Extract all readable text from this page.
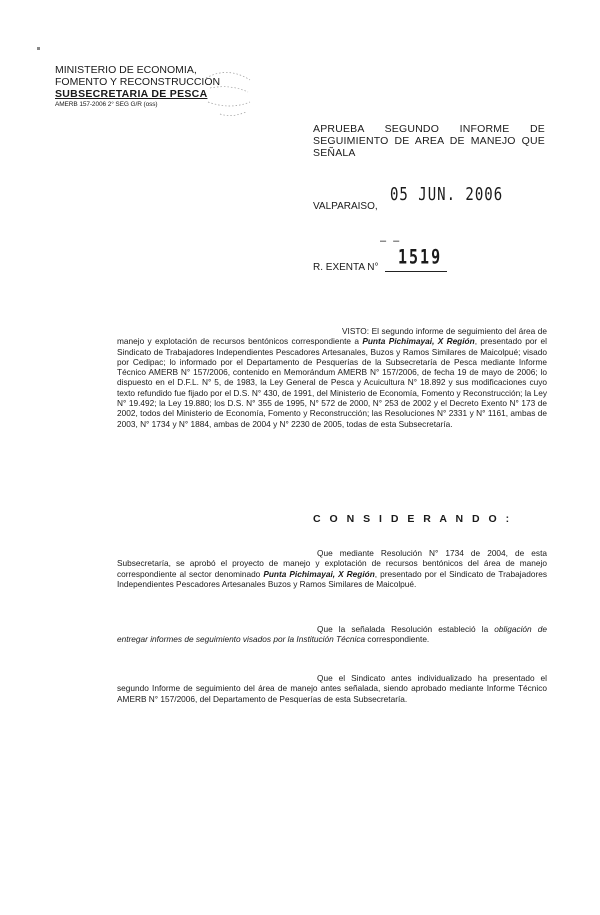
MINISTERIO DE ECONOMIA,
FOMENTO Y RECONSTRUCCION
SUBSECRETARIA DE PESCA
AMERB 157-2006 2° SEG G/R (oss)
APRUEBA SEGUNDO INFORME DE SEGUIMIENTO DE AREA DE MANEJO QUE SEÑALA
VALPARAISO,
05 JUN. 2006
– –
R. EXENTA N° 1519
VISTO: El segundo informe de seguimiento del área de manejo y explotación de recursos bentónicos correspondiente a Punta Pichimayai, X Región, presentado por el Sindicato de Trabajadores Independientes Pescadores Artesanales, Buzos y Ramos Similares de Maicolpué; visado por Cedipac; lo informado por el Departamento de Pesquerías de la Subsecretaría de Pesca mediante Informe Técnico AMERB N° 157/2006, contenido en Memorándum AMERB N° 157/2006, de fecha 19 de mayo de 2006; lo dispuesto en el D.F.L. N° 5, de 1983, la Ley General de Pesca y Acuicultura N° 18.892 y sus modificaciones cuyo texto refundido fue fijado por el D.S. N° 430, de 1991, del Ministerio de Economía, Fomento y Reconstrucción; la Ley N° 19.492; la Ley 19.880; los D.S. N° 355 de 1995, N° 572 de 2000, N° 253 de 2002 y el Decreto Exento N° 173 de 2002, todos del Ministerio de Economía, Fomento y Reconstrucción; las Resoluciones N° 2331 y N° 1161, ambas de 2003, N° 1734 y N° 1884, ambas de 2004 y N° 2230 de 2005, todas de esta Subsecretaría.
C O N S I D E R A N D O :
Que mediante Resolución N° 1734 de 2004, de esta Subsecretaría, se aprobó el proyecto de manejo y explotación de recursos bentónicos del área de manejo correspondiente al sector denominado Punta Pichimayai, X Región, presentado por el Sindicato de Trabajadores Independientes Pescadores Artesanales Buzos y Ramos Similares de Maicolpué.
Que la señalada Resolución estableció la obligación de entregar informes de seguimiento visados por la Institución Técnica correspondiente.
Que el Sindicato antes individualizado ha presentado el segundo Informe de seguimiento del área de manejo antes señalada, siendo aprobado mediante Informe Técnico AMERB N° 157/2006, del Departamento de Pesquerías de esta Subsecretaría.
